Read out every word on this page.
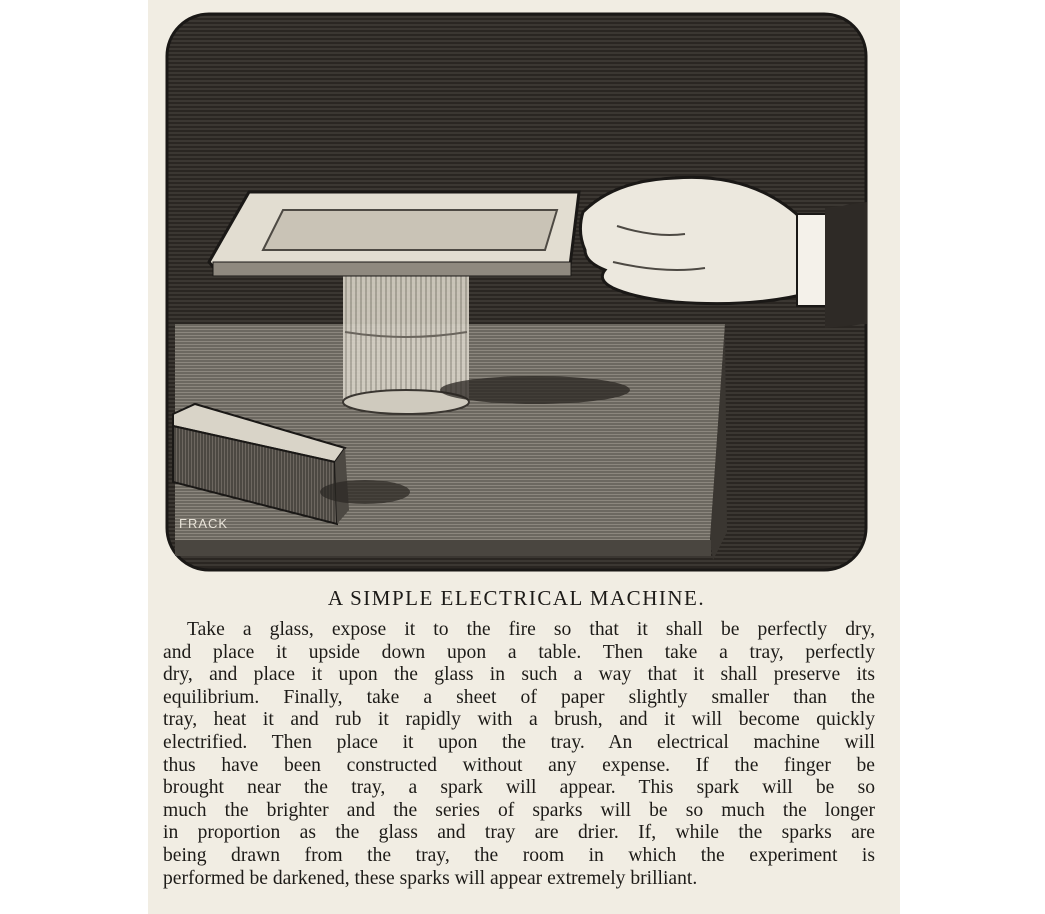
FRACK
A SIMPLE ELECTRICAL MACHINE.
Take a glass, expose it to the fire so that it shall be perfectly dry,
and place it upside down upon a table. Then take a tray, perfectly
dry, and place it upon the glass in such a way that it shall preserve its
equilibrium. Finally, take a sheet of paper slightly smaller than the
tray, heat it and rub it rapidly with a brush, and it will become quickly
electrified. Then place it upon the tray. An electrical machine will
thus have been constructed without any expense. If the finger be
brought near the tray, a spark will appear. This spark will be so
much the brighter and the series of sparks will be so much the longer
in proportion as the glass and tray are drier. If, while the sparks are
being drawn from the tray, the room in which the experiment is
performed be darkened, these sparks will appear extremely brilliant.
